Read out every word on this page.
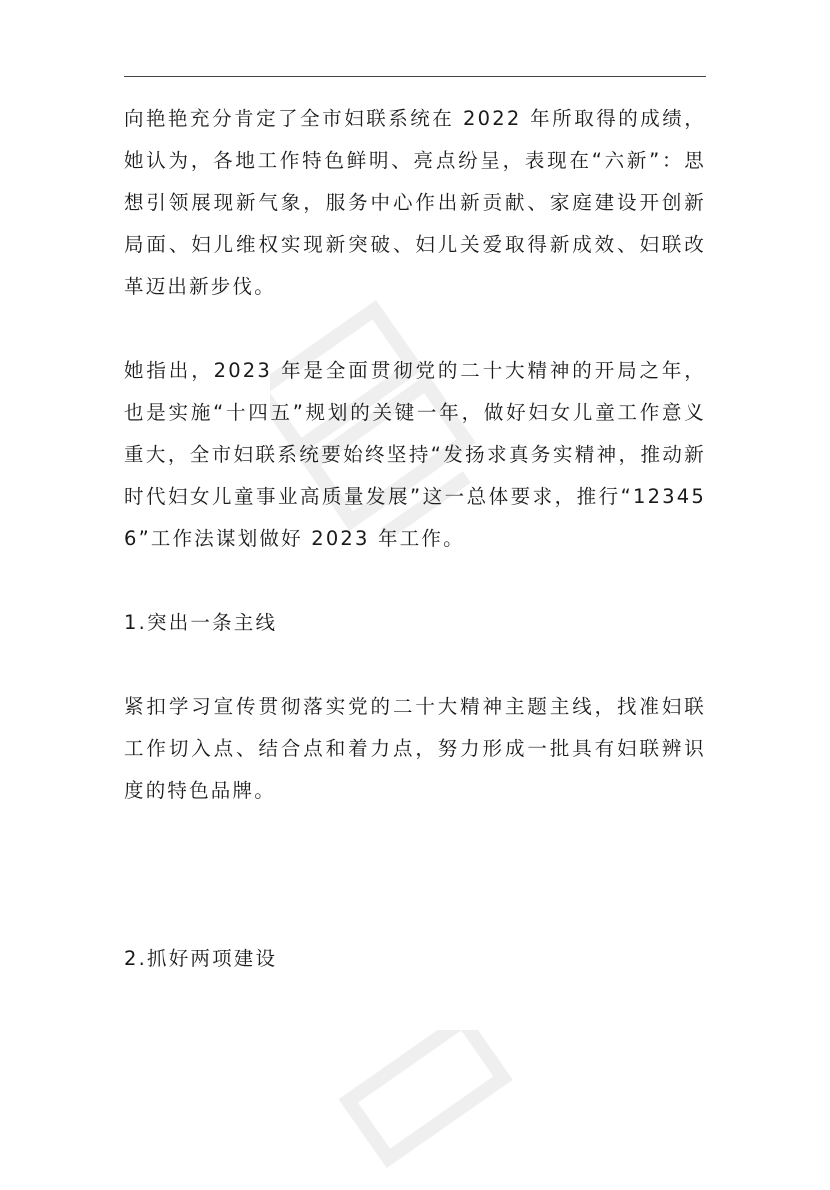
向艳艳充分肯定了全市妇联系统在 2022 年所取得的成绩，她认为，各地工作特色鲜明、亮点纷呈，表现在“六新”：思想引领展现新气象，服务中心作出新贡献、家庭建设开创新局面、妇儿维权实现新突破、妇儿关爱取得新成效、妇联改革迈出新步伐。

她指出，2023 年是全面贯彻党的二十大精神的开局之年，也是实施“十四五”规划的关键一年，做好妇女儿童工作意义重大，全市妇联系统要始终坚持“发扬求真务实精神，推动新时代妇女儿童事业高质量发展”这一总体要求，推行“123456”工作法谋划做好 2023 年工作。

1.突出一条主线

紧扣学习宣传贯彻落实党的二十大精神主题主线，找准妇联工作切入点、结合点和着力点，努力形成一批具有妇联辨识度的特色品牌。

2.抓好两项建设
